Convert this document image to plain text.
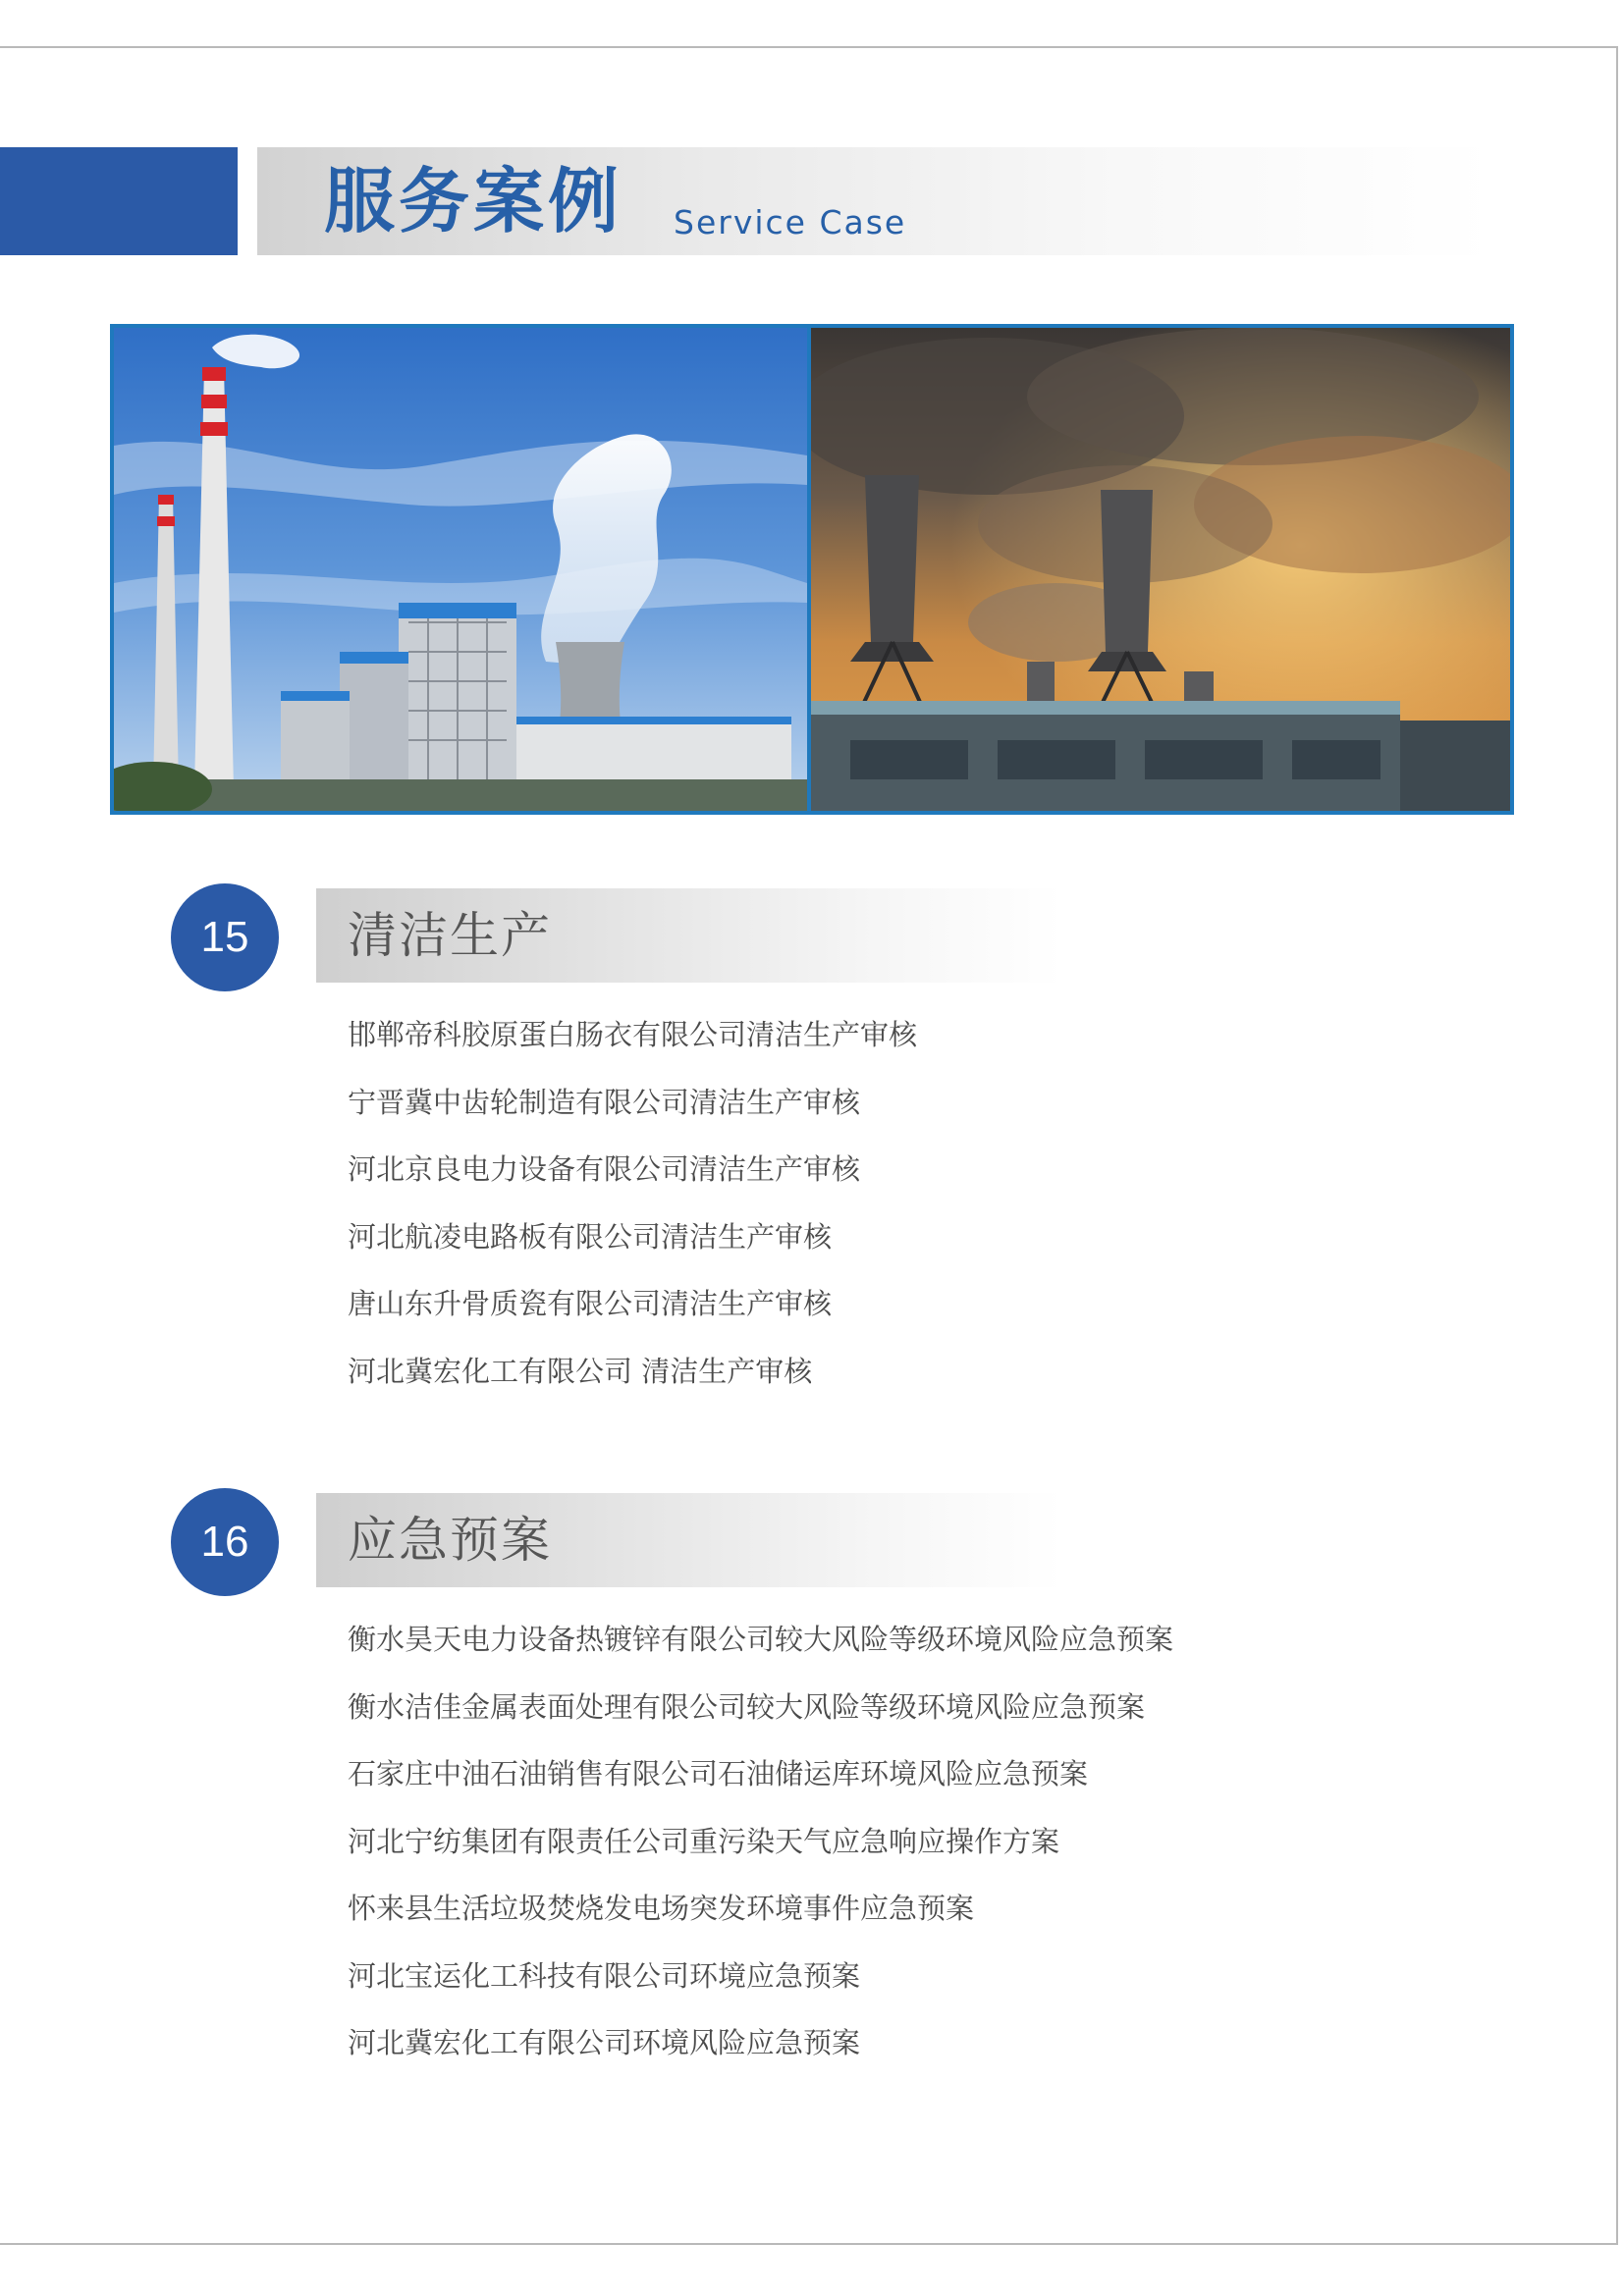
服务案例 Service Case
15	清洁生产
邯郸帝科胶原蛋白肠衣有限公司清洁生产审核
宁晋冀中齿轮制造有限公司清洁生产审核
河北京良电力设备有限公司清洁生产审核
河北航凌电路板有限公司清洁生产审核
唐山东升骨质瓷有限公司清洁生产审核
河北冀宏化工有限公司 清洁生产审核
16	应急预案
衡水昊天电力设备热镀锌有限公司较大风险等级环境风险应急预案
衡水洁佳金属表面处理有限公司较大风险等级环境风险应急预案
石家庄中油石油销售有限公司石油储运库环境风险应急预案
河北宁纺集团有限责任公司重污染天气应急响应操作方案
怀来县生活垃圾焚烧发电场突发环境事件应急预案
河北宝运化工科技有限公司环境应急预案
河北冀宏化工有限公司环境风险应急预案
